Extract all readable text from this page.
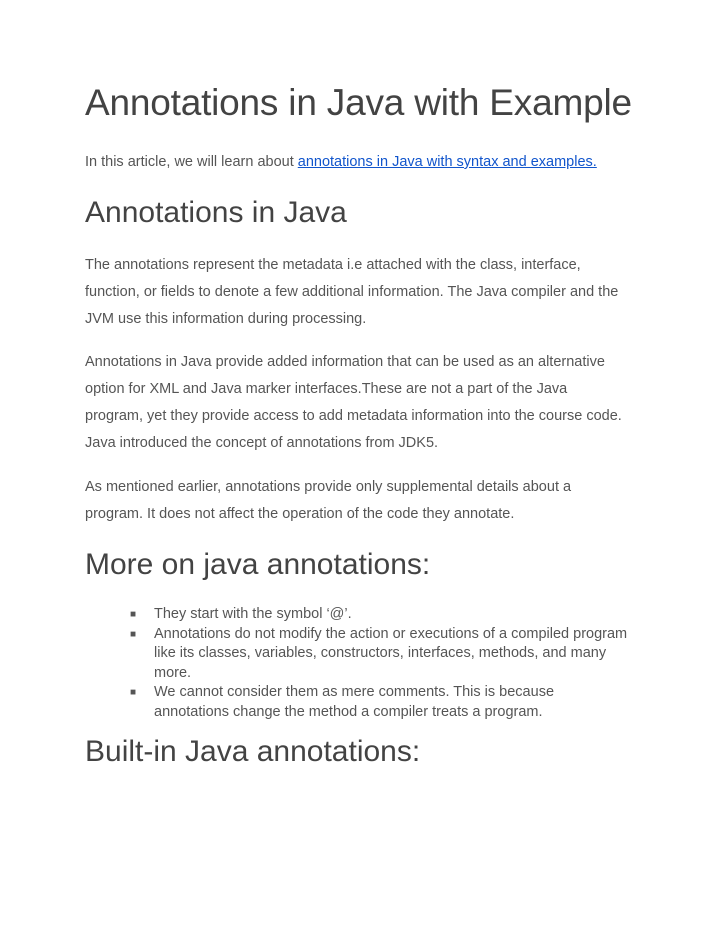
Annotations in Java with Example

In this article, we will learn about annotations in Java with syntax and examples.

Annotations in Java
The annotations represent the metadata i.e attached with the class, interface,
function, or fields to denote a few additional information. The Java compiler and the
JVM use this information during processing.
Annotations in Java provide added information that can be used as an alternative
option for XML and Java marker interfaces.These are not a part of the Java
program, yet they provide access to add metadata information into the course code.
Java introduced the concept of annotations from JDK5.
As mentioned earlier, annotations provide only supplemental details about a
program. It does not affect the operation of the code they annotate.
More on java annotations:
■ They start with the symbol ‘@’.
■ Annotations do not modify the action or executions of a compiled program
like its classes, variables, constructors, interfaces, methods, and many
more.
■ We cannot consider them as mere comments. This is because
annotations change the method a compiler treats a program.
Built-in Java annotations:
